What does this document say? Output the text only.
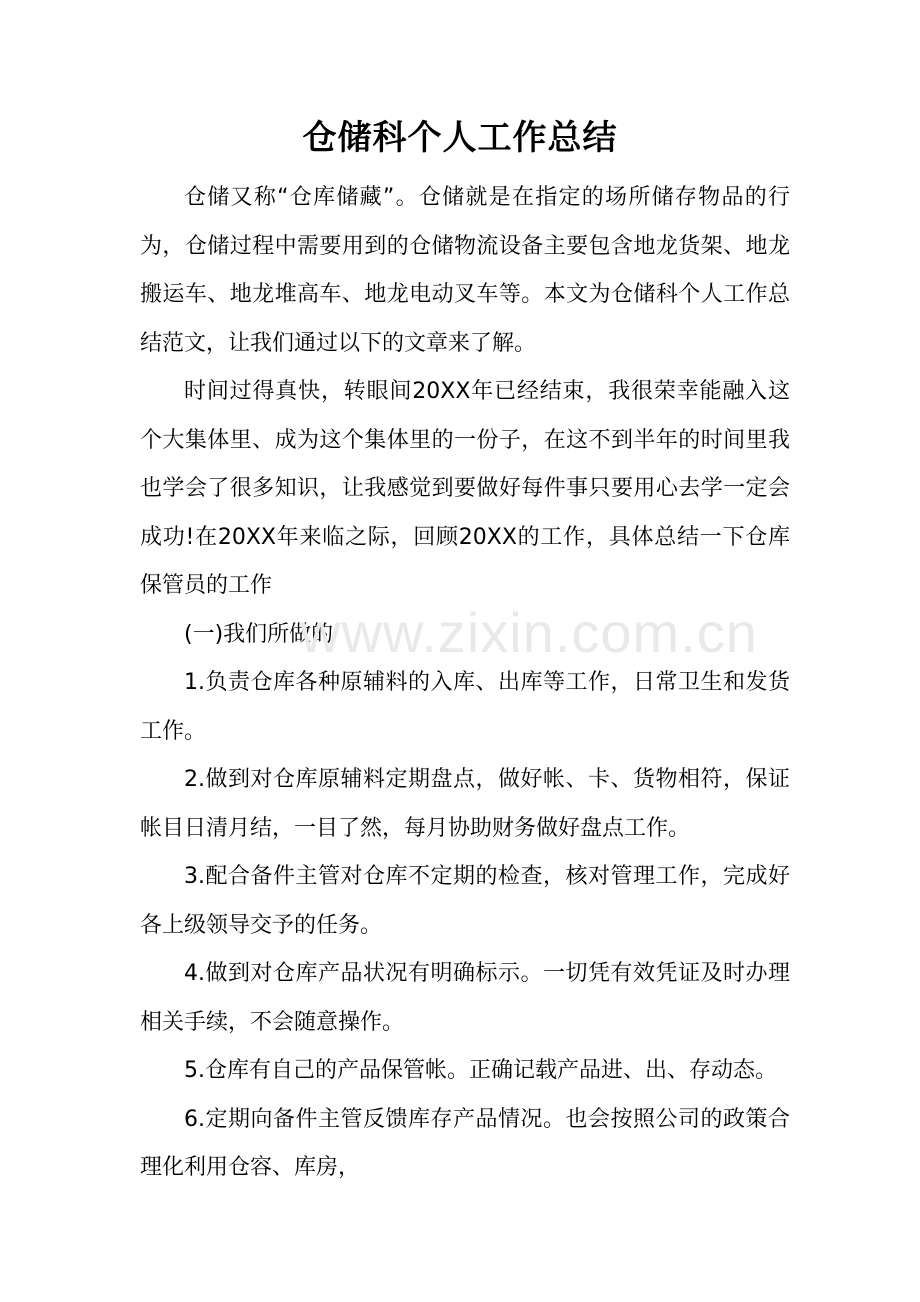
仓储科个人工作总结

仓储又称“仓库储藏”。仓储就是在指定的场所储存物品的行为，仓储过程中需要用到的仓储物流设备主要包含地龙货架、地龙搬运车、地龙堆高车、地龙电动叉车等。本文为仓储科个人工作总结范文，让我们通过以下的文章来了解。

时间过得真快，转眼间20XX年已经结束，我很荣幸能融入这个大集体里、成为这个集体里的一份子，在这不到半年的时间里我也学会了很多知识，让我感觉到要做好每件事只要用心去学一定会成功!在20XX年来临之际，回顾20XX的工作，具体总结一下仓库保管员的工作

(一)我们所做的

1.负责仓库各种原辅料的入库、出库等工作，日常卫生和发货工作。

2.做到对仓库原辅料定期盘点，做好帐、卡、货物相符，保证帐目日清月结，一目了然，每月协助财务做好盘点工作。

3.配合备件主管对仓库不定期的检查，核对管理工作，完成好各上级领导交予的任务。

4.做到对仓库产品状况有明确标示。一切凭有效凭证及时办理相关手续，不会随意操作。

5.仓库有自己的产品保管帐。正确记载产品进、出、存动态。

6.定期向备件主管反馈库存产品情况。也会按照公司的政策合理化利用仓容、库房，

www.zixin.com.cn
